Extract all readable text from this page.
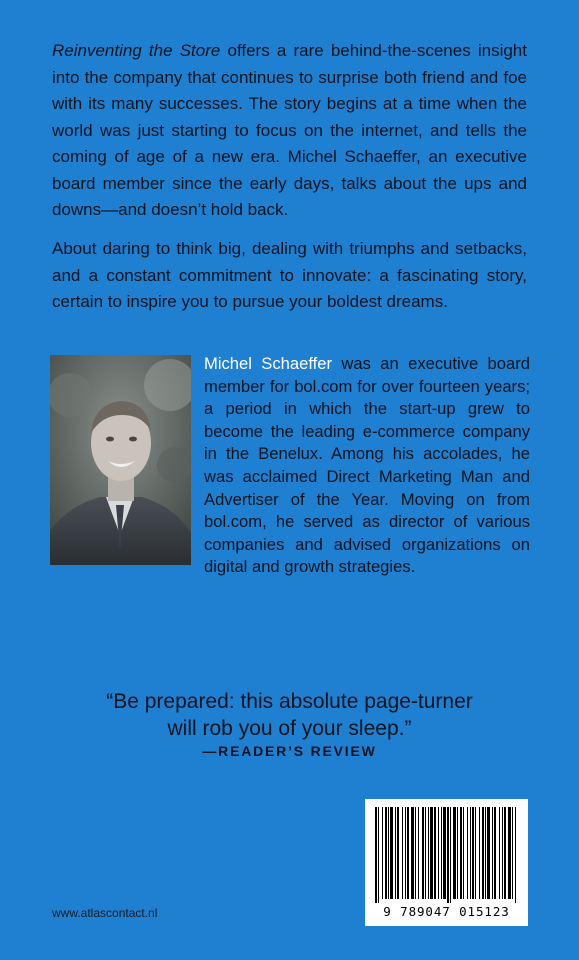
Reinventing the Store offers a rare behind-the-scenes insight into the company that continues to surprise both friend and foe with its many successes. The story begins at a time when the world was just starting to focus on the internet, and tells the coming of age of a new era. Michel Schaeffer, an executive board member since the early days, talks about the ups and downs—and doesn’t hold back.

About daring to think big, dealing with triumphs and setbacks, and a constant commitment to innovate: a fascinating story, certain to inspire you to pursue your boldest dreams.

Michel Schaeffer was an executive board member for bol.com for over fourteen years; a period in which the start-up grew to become the leading e-commerce company in the Benelux. Among his accolades, he was acclaimed Direct Marketing Man and Advertiser of the Year. Moving on from bol.com, he served as director of various companies and advised organizations on digital and growth strategies.

“Be prepared: this absolute page-turner
will rob you of your sleep.”
—READER’S REVIEW
www.atlascontact.nl	9 789047 015123
